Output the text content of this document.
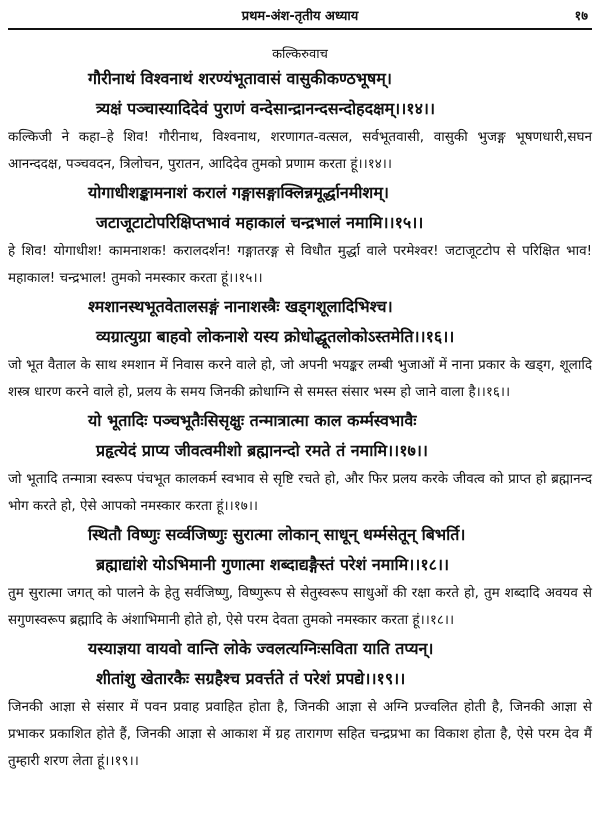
प्रथम-अंश-तृतीय अध्याय	१७
कल्किरुवाच

गौरीनाथं विश्वनाथं शरण्यंभूतावासं वासुकीकण्ठभूषम्।

त्र्यक्षं पञ्चास्यादिदेवं पुराणं वन्देसान्द्रानन्दसन्दोहदक्षम्।।१४।।

कल्किजी ने कहा–हे शिव! गौरीनाथ, विश्वनाथ, शरणागत-वत्सल, सर्वभूतवासी, वासुकी भुजङ्ग भूषणधारी,सघन आनन्ददक्ष, पञ्चवदन, त्रिलोचन, पुरातन, आदिदेव तुमको प्रणाम करता हूं।।१४।।

योगाधीशङ्कामनाशं करालं गङ्गासङ्गाक्लिन्नमूर्द्धानमीशम्।

जटाजूटाटोपरिक्षिप्तभावं महाकालं चन्द्रभालं नमामि।।१५।।

हे शिव! योगाधीश! कामनाशक! करालदर्शन! गङ्गातरङ्ग से विधौत मुर्द्धा वाले परमेश्वर! जटाजूटटोप से परिक्षित भाव! महाकाल! चन्द्रभाल! तुमको नमस्कार करता हूं।।१५।।

श्मशानस्थभूतवेतालसङ्गं नानाशस्त्रैः खड्गशूलादिभिश्च।

व्यग्रात्युग्रा बाहवो लोकनाशे यस्य क्रोधोद्धूतलोकोऽस्तमेति।।१६।।

जो भूत वैताल के साथ श्मशान में निवास करने वाले हो, जो अपनी भयङ्कर लम्बी भुजाओं में नाना प्रकार के खड्ग, शूलादि शस्त्र धारण करने वाले हो, प्रलय के समय जिनकी क्रोधाग्नि से समस्त संसार भस्म हो जाने वाला है।।१६।।

यो भूतादिः पञ्चभूतैःसिसृक्षुः तन्मात्रात्मा काल कर्म्मस्वभावैः

प्रहृत्येदं प्राप्य जीवत्वमीशो ब्रह्मानन्दो रमते तं नमामि।।१७।।

जो भूतादि तन्मात्रा स्वरूप पंचभूत कालकर्म स्वभाव से सृष्टि रचते हो, और फिर प्रलय करके जीवत्व को प्राप्त हो ब्रह्मानन्द भोग करते हो, ऐसे आपको नमस्कार करता हूं।।१७।।

स्थितौ विष्णुः सर्व्वजिष्णुः सुरात्मा लोकान् साधून् धर्म्मसेतून् बिभर्ति।

ब्रह्माद्यांशे योऽभिमानी गुणात्मा शब्दाद्यङ्गैस्तं परेशं नमामि।।१८।।

तुम सुरात्मा जगत् को पालने के हेतु सर्वजिष्णु, विष्णुरूप से सेतुस्वरूप साधुओं की रक्षा करते हो, तुम शब्दादि अवयव से सगुणस्वरूप ब्रह्मादि के अंशाभिमानी होते हो, ऐसे परम देवता तुमको नमस्कार करता हूं।।१८।।

यस्याज्ञया वायवो वान्ति लोके ज्वलत्यग्निःसविता याति तप्यन्।

शीतांशु खेतारकैः सग्रहैश्च प्रवर्त्तते तं परेशं प्रपद्ये।।१९।।

जिनकी आज्ञा से संसार में पवन प्रवाह प्रवाहित होता है, जिनकी आज्ञा से अग्नि प्रज्वलित होती है, जिनकी आज्ञा से प्रभाकर प्रकाशित होते हैं, जिनकी आज्ञा से आकाश में ग्रह तारागण सहित चन्द्रप्रभा का विकाश होता है, ऐसे परम देव मैं तुम्हारी शरण लेता हूं।।१९।।
